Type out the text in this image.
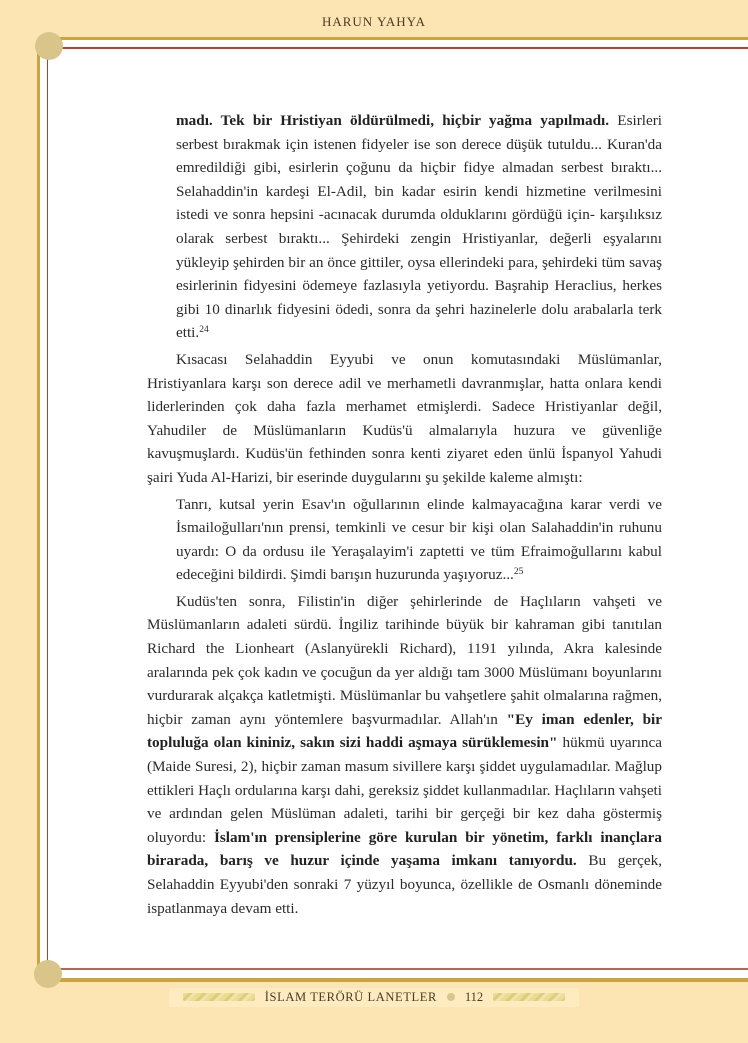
HARUN YAHYA

madı. Tek bir Hristiyan öldürülmedi, hiçbir yağma yapılmadı. Esirleri serbest bırakmak için istenen fidyeler ise son derece düşük tutuldu... Kuran'da emredildiği gibi, esirlerin çoğunu da hiçbir fidye almadan serbest bıraktı... Selahaddin'in kardeşi El-Adil, bin kadar esirin kendi hizmetine verilmesini istedi ve sonra hepsini -acınacak durumda olduklarını gördüğü için- karşılıksız olarak serbest bıraktı... Şehirdeki zengin Hristiyanlar, değerli eşyalarını yükleyip şehirden bir an önce gittiler, oysa ellerindeki para, şehirdeki tüm savaş esirlerinin fidyesini ödemeye fazlasıyla yetiyordu. Başrahip Heraclius, herkes gibi 10 dinarlık fidyesini ödedi, sonra da şehri hazinelerle dolu arabalarla terk etti.$^{24}$

Kısacası Selahaddin Eyyubi ve onun komutasındaki Müslümanlar, Hristiyanlara karşı son derece adil ve merhametli davranmışlar, hatta onlara kendi liderlerinden çok daha fazla merhamet etmişlerdi. Sadece Hristiyanlar değil, Yahudiler de Müslümanların Kudüs'ü almalarıyla huzura ve güvenliğe kavuşmuşlardı. Kudüs'ün fethinden sonra kenti ziyaret eden ünlü İspanyol Yahudi şairi Yuda Al-Harizi, bir eserinde duygularını şu şekilde kaleme almıştı:

Tanrı, kutsal yerin Esav'ın oğullarının elinde kalmayacağına karar verdi ve İsmailoğulları'nın prensi, temkinli ve cesur bir kişi olan Salahaddin'in ruhunu uyardı: O da ordusu ile Yeraşalayim'i zaptetti ve tüm Efraimoğullarını kabul edeceğini bildirdi. Şimdi barışın huzurunda yaşıyoruz...$^{25}$

Kudüs'ten sonra, Filistin'in diğer şehirlerinde de Haçlıların vahşeti ve Müslümanların adaleti sürdü. İngiliz tarihinde büyük bir kahraman gibi tanıtılan Richard the Lionheart (Aslanyürekli Richard), 1191 yılında, Akra kalesinde aralarında pek çok kadın ve çocuğun da yer aldığı tam 3000 Müslümanı boyunlarını vurdurarak alçakça katletmişti. Müslümanlar bu vahşetlere şahit olmalarına rağmen, hiçbir zaman aynı yöntemlere başvurmadılar. Allah'ın "Ey iman edenler, bir topluluğa olan kininiz, sakın sizi haddi aşmaya sürüklemesin" hükmü uyarınca (Maide Suresi, 2), hiçbir zaman masum sivillere karşı şiddet uygulamadılar. Mağlup ettikleri Haçlı ordularına karşı dahi, gereksiz şiddet kullanmadılar. Haçlıların vahşeti ve ardından gelen Müslüman adaleti, tarihi bir gerçeği bir kez daha göstermiş oluyordu: İslam'ın prensiplerine göre kurulan bir yönetim, farklı inançlara birarada, barış ve huzur içinde yaşama imkanı tanıyordu. Bu gerçek, Selahaddin Eyyubi'den sonraki 7 yüzyıl boyunca, özellikle de Osmanlı döneminde ispatlanmaya devam etti.

İSLAM TERÖRÜ LANETLER 112
